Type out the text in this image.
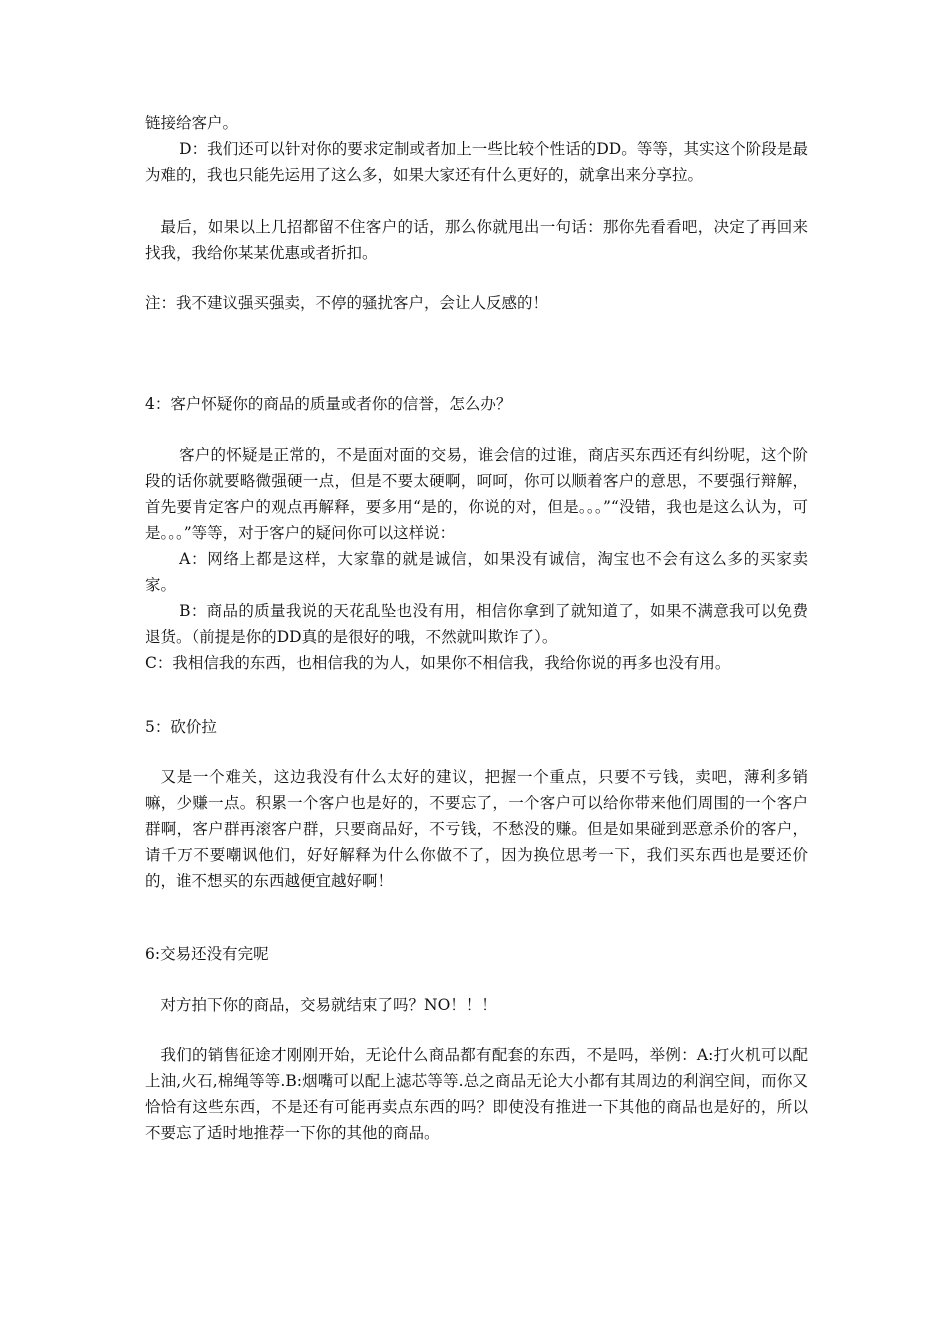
链接给客户。

D：我们还可以针对你的要求定制或者加上一些比较个性话的DD。等等，其实这个阶段是最为难的，我也只能先运用了这么多，如果大家还有什么更好的，就拿出来分享拉。

最后，如果以上几招都留不住客户的话，那么你就甩出一句话：那你先看看吧，决定了再回来找我，我给你某某优惠或者折扣。

注：我不建议强买强卖，不停的骚扰客户，会让人反感的！

4：客户怀疑你的商品的质量或者你的信誉，怎么办？

客户的怀疑是正常的，不是面对面的交易，谁会信的过谁，商店买东西还有纠纷呢，这个阶段的话你就要略微强硬一点，但是不要太硬啊，呵呵，你可以顺着客户的意思，不要强行辩解，首先要肯定客户的观点再解释，要多用“是的，你说的对，但是。。。”“没错，我也是这么认为，可是。。。”等等，对于客户的疑问你可以这样说：

A：网络上都是这样，大家靠的就是诚信，如果没有诚信，淘宝也不会有这么多的买家卖家。

B：商品的质量我说的天花乱坠也没有用，相信你拿到了就知道了，如果不满意我可以免费退货。（前提是你的DD真的是很好的哦，不然就叫欺诈了）。

C：我相信我的东西，也相信我的为人，如果你不相信我，我给你说的再多也没有用。

5：砍价拉

又是一个难关，这边我没有什么太好的建议，把握一个重点，只要不亏钱，卖吧，薄利多销嘛，少赚一点。积累一个客户也是好的，不要忘了，一个客户可以给你带来他们周围的一个客户群啊，客户群再滚客户群，只要商品好，不亏钱，不愁没的赚。但是如果碰到恶意杀价的客户，请千万不要嘲讽他们，好好解释为什么你做不了，因为换位思考一下，我们买东西也是要还价的，谁不想买的东西越便宜越好啊！

6:交易还没有完呢

对方拍下你的商品，交易就结束了吗？NO！！！

我们的销售征途才刚刚开始，无论什么商品都有配套的东西，不是吗，举例：A:打火机可以配上油,火石,棉绳等等.B:烟嘴可以配上滤芯等等.总之商品无论大小都有其周边的利润空间，而你又恰恰有这些东西，不是还有可能再卖点东西的吗？即使没有推进一下其他的商品也是好的，所以不要忘了适时地推荐一下你的其他的商品。
